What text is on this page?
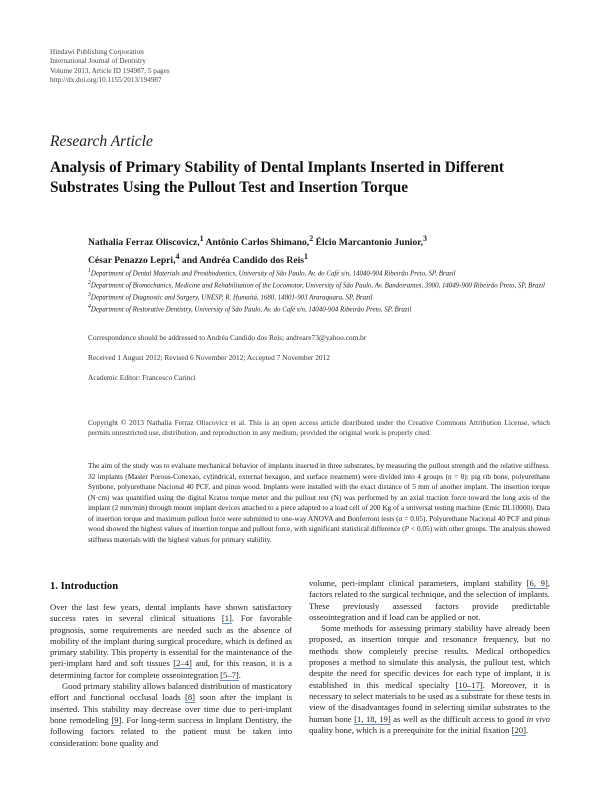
Hindawi Publishing Corporation
International Journal of Dentistry
Volume 2013, Article ID 194987, 5 pages
http://dx.doi.org/10.1155/2013/194987
Research Article
Analysis of Primary Stability of Dental Implants Inserted in Different Substrates Using the Pullout Test and Insertion Torque
Nathalia Ferraz Oliscovicz,$^1$ Antônio Carlos Shimano,$^2$ Élcio Marcantonio Junior,$^3$
César Penazzo Lepri,$^4$ and Andréa Candido dos Reis$^1$
$^1$Department of Dental Materials and Prosthodontics, University of São Paulo, Av. do Café s/n, 14040-904 Ribeirão Preto, SP, Brazil
$^2$Department of Biomechanics, Medicine and Rehabilitation of the Locomotor, University of São Paulo, Av. Bandeirantes, 3900, 14049-900 Ribeirão Preto, SP, Brazil
$^3$Department of Diagnostic and Surgery, UNESP, R. Humaitá, 1680, 14801-903 Araraquara, SP, Brazil
$^4$Department of Restorative Dentistry, University of São Paulo, Av. do Café s/n, 14040-904 Ribeirão Preto, SP, Brazil
Correspondence should be addressed to Andréa Candido dos Reis; andreare73@yahoo.com.br
Received 1 August 2012; Revised 6 November 2012; Accepted 7 November 2012
Academic Editor: Francesco Carinci
Copyright © 2013 Nathalia Ferraz Oliscovicz et al. This is an open access article distributed under the Creative Commons Attribution License, which permits unrestricted use, distribution, and reproduction in any medium, provided the original work is properly cited.
The aim of the study was to evaluate mechanical behavior of implants inserted in three substrates, by measuring the pullout strength and the relative stiffness. 32 implants (Master Porous-Conexao, cylindrical, external hexagon, and surface treatment) were divided into 4 groups (n = 8): pig rib bone, polyurethane Synbone, polyurethane Nacional 40 PCF, and pinus wood. Implants were installed with the exact distance of 5 mm of another implant. The insertion torque (N·cm) was quantified using the digital Kratos torque meter and the pullout test (N) was performed by an axial traction force toward the long axis of the implant (2 mm/min) through mount implant devices attached to a piece adapted to a load cell of 200 Kg of a universal testing machine (Emic DL10000). Data of insertion torque and maximum pullout force were submitted to one-way ANOVA and Bonferroni tests (α = 0.05). Polyurethane Nacional 40 PCF and pinus wood showed the highest values of insertion torque and pullout force, with significant statistical difference (P < 0.05) with other groups. The analysis showed stiffness materials with the highest values for primary stability.
1. Introduction

Over the last few years, dental implants have shown satisfactory success rates in several clinical situations [1]. For favorable prognosis, some requirements are needed such as the absence of mobility of the implant during surgical procedure, which is defined as primary stability. This property is essential for the maintenance of the peri-implant hard and soft tissues [2–4] and, for this reason, it is a determining factor for complete osseointegration [5–7].

Good primary stability allows balanced distribution of masticatory effort and functional occlusal loads [8] soon after the implant is inserted. This stability may decrease over time due to peri-implant bone remodeling [9]. For long-term success in Implant Dentistry, the following factors related to the patient must be taken into consideration: bone quality and

volume, peri-implant clinical parameters, implant stability [6, 9], factors related to the surgical technique, and the selection of implants. These previously assessed factors provide predictable osseointegration and if load can be applied or not.

Some methods for assessing primary stability have already been proposed, as insertion torque and resonance frequency, but no methods show completely precise results. Medical orthopedics proposes a method to simulate this analysis, the pullout test, which despite the need for specific devices for each type of implant, it is established in this medical specialty [10–17]. Moreover, it is necessary to select materials to be used as a substrate for these tests in view of the disadvantages found in selecting similar substrates to the human bone [1, 18, 19] as well as the difficult access to good in vivo quality bone, which is a prerequisite for the initial fixation [20].
